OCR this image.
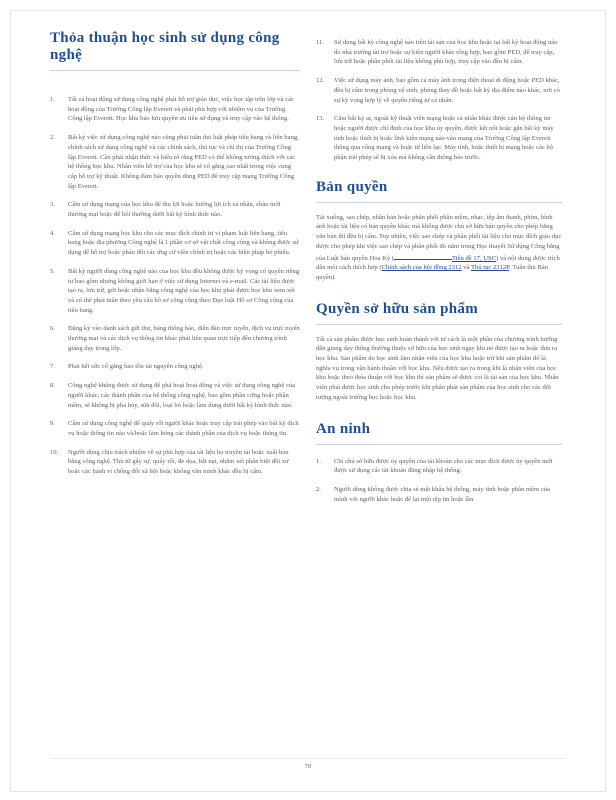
Thỏa thuận học sinh sử dụng công nghệ
1. Tất cả hoạt động sử dụng công nghệ phải hỗ trợ giáo dục, việc học tập trên lớp và các hoạt động của Trường Công lập Everett và phải phù hợp với nhiệm vụ của Trường Công lập Everett. Học khu bảo lưu quyền ưu tiên sử dụng và truy cập vào hệ thống.
2. Bất kỳ việc sử dụng công nghệ nào cũng phải tuân thủ luật pháp tiểu bang và liên bang, chính sách sử dụng công nghệ và các chính sách, thủ tục và chỉ thị của Trường Công lập Everett. Cần phải nhận thức và hiểu rõ rằng PED có thể không tương thích với các hệ thống học khu. Nhân viên hỗ trợ của học khu sẽ cố gắng cao nhất trong việc cung cấp hỗ trợ kỹ thuật. Không đảm bảo quyền dùng PED để truy cập mạng Trường Công lập Everett.
3. Cấm sử dụng mạng của học khu để thu lợi hoặc hưởng lợi ích cá nhân, chào mời thương mại hoặc để bồi thường dưới bất kỳ hình thức nào.
4. Cấm sử dụng mạng học khu cho các mục đích chính trị vi phạm luật liên bang, tiểu bang hoặc địa phương Công nghệ là 1 phần cơ sở vật chất công cộng và không được sử dụng để hỗ trợ hoặc phản đối các ứng cử viên chính trị hoặc các biện pháp bỏ phiếu.
5. Bất kỳ người dùng công nghệ nào của học khu đều không được kỳ vọng có quyền riêng tư bao gồm nhưng không giới hạn ở việc sử dụng Internet và e-mail. Các tài liệu được tạo ra, lưu trữ, gửi hoặc nhận bằng công nghệ của học khu phải được học khu xem xét và có thể phải tuân theo yêu cầu hồ sơ công cộng theo Đạo luật Hồ sơ Công cộng của tiểu bang.
6. Đăng ký vào danh sách gửi thư, bảng thông báo, diễn đàn trực tuyến, dịch vụ trực tuyến thương mại và các dịch vụ thông tin khác phải liên quan trực tiếp đến chương trình giảng dạy trong lớp.
7. Phải hết sức cố gắng bảo tồn tài nguyên công nghệ.
8. Công nghệ không được sử dụng để phá hoại hoạt động và việc sử dụng công nghệ của người khác; các thành phần của hệ thống công nghệ, bao gồm phần cứng hoặc phần mềm, sẽ không bị phá hủy, sửa đổi, loại bỏ hoặc làm dụng dưới bất kỳ hình thức nào.
9. Cấm sử dụng công nghệ để quấy rối người khác hoặc truy cập trái phép vào bất kỳ dịch vụ hoặc thông tin nào và/hoặc làm hỏng các thành phần của dịch vụ hoặc thông tin.
10. Người dùng chịu trách nhiệm về sự phù hợp của tài liệu họ truyền tải hoặc xuất bản bằng công nghệ. Thù từ gây sự, quấy rối, đe dọa, bắt nạt, nhắm xét phân biệt đối xử hoặc các hành vi chống đối xã hội hoặc không văn minh khác đều bị cấm.
11. Sử dụng bất kỳ công nghệ nào trên tài sản của học khu hoặc tại bất kỳ hoạt động nào do nhà trường tài trợ hoặc sự kiện người khác tổng hợp, bao gồm PED, để truy cập, lưu trữ hoặc phân phối tài liệu không phù hợp, truy cập vào đều bị cấm.
12. Việc sử dụng máy ảnh, bao gồm cả máy ảnh trong điện thoại di động hoặc PED khác, đều bị cấm trong phòng vệ sinh, phòng thay đồ hoặc bất kỳ địa điểm nào khác, nơi có sự kỳ vọng hợp lý về quyền riêng tư cá nhân.
13. Cấm bất kỳ ai, ngoài kỹ thuật viên mạng hoặc cá nhân khác được cán bộ thông tin hoặc người được chỉ định của học khu ủy quyền, được kết nối hoặc gắn bất kỳ máy tính hoặc thiết bị hoặc lĩnh kiện mạng nào vào mạng của Trường Công lập Everett thông qua cổng mạng và hoặc từ liên lạc. Máy tính, hoặc thiết bị mạng hoặc các bộ phận trái phép sẽ bị xóa mà không cần thông báo trước.
Bản quyền

Tải xuống, sao chép, nhân bản hoặc phân phối phần mềm, nhạc, tệp âm thanh, phim, hình ảnh hoặc tài liệu có bản quyền khác mà không được chủ sở hữu bản quyền cho phép bằng văn bản thì đều bị cấm. Tuy nhiên, việc sao chép và phân phối tài liệu cho mục đích giáo dục được cho phép khi việc sao chép và phân phối đó nằm trong Học thuyết Sử dụng Công bằng của Luật bản quyền Hoa Kỳ (	Tiêu đề 17, USC) và nội dung được trích dẫn một cách thích hợp (Chính sách của hội đồng 2312 và Thủ tục 2312P. Tuân thủ Bản quyền).

Quyền sở hữu sản phẩm

Tất cả sản phẩm được học sinh hoàn thành với tư cách là một phần của chương trình hướng dẫn giảng dạy thông thường thuộc sở hữu của học sinh ngay khi nó được tạo ra hoặc đưa ra học khu. Sản phẩm do học sinh làm nhân viên của học khu hoặc trừ khi sản phẩm đó là nghĩa vụ trong vận hành thuần với học khu. Nếu được tạo ra trong khi là nhân viên của học khu hoặc theo thỏa thuận với học khu thì sản phẩm sẽ được coi là tài sản của học khu. Nhân viên phải được học sinh cho phép trước khi phân phát sản phẩm của học sinh cho các đối tượng ngoài trường học hoặc học khu.

An ninh
1. Chỉ chủ sở hữu được ủy quyền của tài khoản cho các mục đích được ủy quyền mới được sử dụng các tài khoản đăng nhập hệ thống.
2. Người dùng không được chia sẻ mật khẩu hệ thống, máy tính hoặc phần mềm của mình với người khác hoặc để lại một tệp tin hoặc lần
70
